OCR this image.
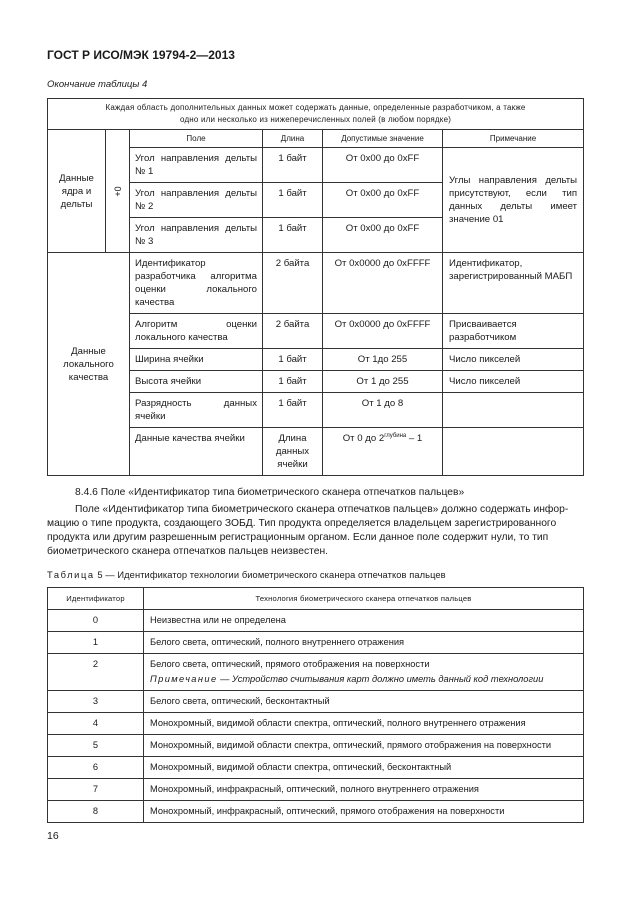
ГОСТ Р ИСО/МЭК 19794-2—2013
Окончание таблицы 4
Каждая область дополнительных данных может содержать данные, определенные разработчиком, а также
одно или несколько из нижеперечисленных полей (в любом порядке)					
Данные ядра и дельты	0+	Поле	Длина	Допустимые значение	Примечание
		Угол направления дельты № 1	1 байт	От 0x00 до 0xFF	Углы направления дельты присутствуют, если тип данных дельты имеет значение 01
		Угол направления дельты № 2	1 байт	От 0x00 до 0xFF	
		Угол направления дельты № 3	1 байт	От 0x00 до 0xFF	
Данные локального качества		Идентификатор разработчика алгоритма оценки локального качества	2 байта	От 0x0000 до 0xFFFF	Идентификатор, зарегистрированный МАБП
		Алгоритм оценки локального качества	2 байта	От 0x0000 до 0xFFFF	Присваивается разработчиком
		Ширина ячейки	1 байт	От 1до 255	Число пикселей
		Высота ячейки	1 байт	От 1 до 255	Число пикселей
		Разрядность данных ячейки	1 байт	От 1 до 8	
		Данные качества ячейки	Длина данных ячейки	От 0 до $2^{глубина} - 1$	
8.4.6 Поле «Идентификатор типа биометрического сканера отпечатков пальцев»
Поле «Идентификатор типа биометрического сканера отпечатков пальцев» должно содержать инфор-
мацию о типе продукта, создающего ЗОБД. Тип продукта определяется владельцем зарегистрированного
продукта или другим разрешенным регистрационным органом. Если данное поле содержит нули, то тип
биометрического сканера отпечатков пальцев неизвестен.
Таблица 5 — Идентификатор технологии биометрического сканера отпечатков пальцев
Идентификатор	Технология биометрического сканера отпечатков пальцев
0	Неизвестна или не определена
1	Белого света, оптический, полного внутреннего отражения
2	Белого света, оптический, прямого отображения на поверхности
Примечание — Устройство считывания карт должно иметь данный код технологии

3	Белого света, оптический, бесконтактный
4	Монохромный, видимой области спектра, оптический, полного внутреннего отражения
5	Монохромный, видимой области спектра, оптический, прямого отображения на поверхности
6	Монохромный, видимой области спектра, оптический, бесконтактный
7	Монохромный, инфракрасный, оптический, полного внутреннего отражения
8	Монохромный, инфракрасный, оптический, прямого отображения на поверхности
16
